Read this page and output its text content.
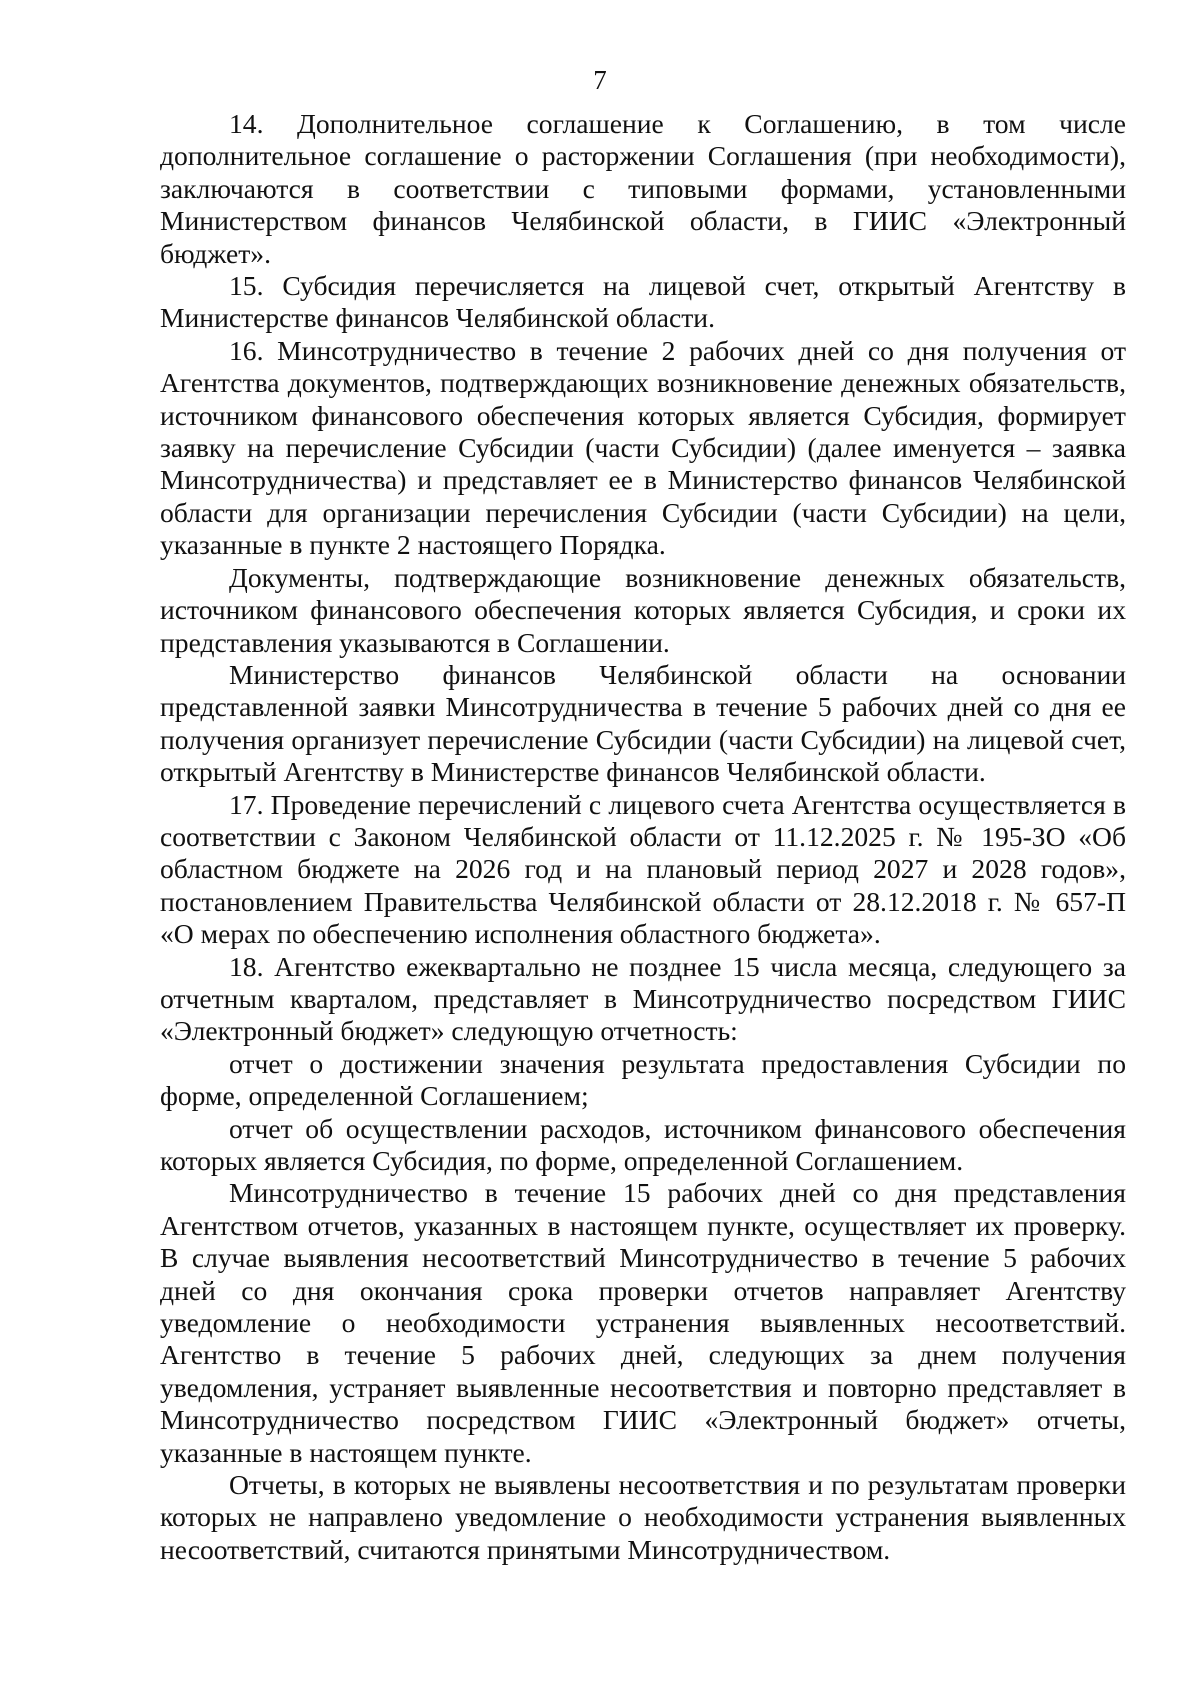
7

14. Дополнительное соглашение к Соглашению, в том числе дополнительное соглашение о расторжении Соглашения (при необходимости), заключаются в соответствии с типовыми формами, установленными Министерством финансов Челябинской области, в ГИИС «Электронный бюджет».

15. Субсидия перечисляется на лицевой счет, открытый Агентству в Министерстве финансов Челябинской области.

16. Минсотрудничество в течение 2 рабочих дней со дня получения от Агентства документов, подтверждающих возникновение денежных обязательств, источником финансового обеспечения которых является Субсидия, формирует заявку на перечисление Субсидии (части Субсидии) (далее именуется – заявка Минсотрудничества) и представляет ее в Министерство финансов Челябинской области для организации перечисления Субсидии (части Субсидии) на цели, указанные в пункте 2 настоящего Порядка.

Документы, подтверждающие возникновение денежных обязательств, источником финансового обеспечения которых является Субсидия, и сроки их представления указываются в Соглашении.

Министерство финансов Челябинской области на основании представленной заявки Минсотрудничества в течение 5 рабочих дней со дня ее получения организует перечисление Субсидии (части Субсидии) на лицевой счет, открытый Агентству в Министерстве финансов Челябинской области.

17. Проведение перечислений с лицевого счета Агентства осуществляется в соответствии с Законом Челябинской области от 11.12.2025 г. № 195-ЗО «Об областном бюджете на 2026 год и на плановый период 2027 и 2028 годов», постановлением Правительства Челябинской области от 28.12.2018 г. № 657-П «О мерах по обеспечению исполнения областного бюджета».

18. Агентство ежеквартально не позднее 15 числа месяца, следующего за отчетным кварталом, представляет в Минсотрудничество посредством ГИИС «Электронный бюджет» следующую отчетность:

отчет о достижении значения результата предоставления Субсидии по форме, определенной Соглашением;

отчет об осуществлении расходов, источником финансового обеспечения которых является Субсидия, по форме, определенной Соглашением.

Минсотрудничество в течение 15 рабочих дней со дня представления Агентством отчетов, указанных в настоящем пункте, осуществляет их проверку. В случае выявления несоответствий Минсотрудничество в течение 5 рабочих дней со дня окончания срока проверки отчетов направляет Агентству уведомление о необходимости устранения выявленных несоответствий. Агентство в течение 5 рабочих дней, следующих за днем получения уведомления, устраняет выявленные несоответствия и повторно представляет в Минсотрудничество посредством ГИИС «Электронный бюджет» отчеты, указанные в настоящем пункте.

Отчеты, в которых не выявлены несоответствия и по результатам проверки которых не направлено уведомление о необходимости устранения выявленных несоответствий, считаются принятыми Минсотрудничеством.
